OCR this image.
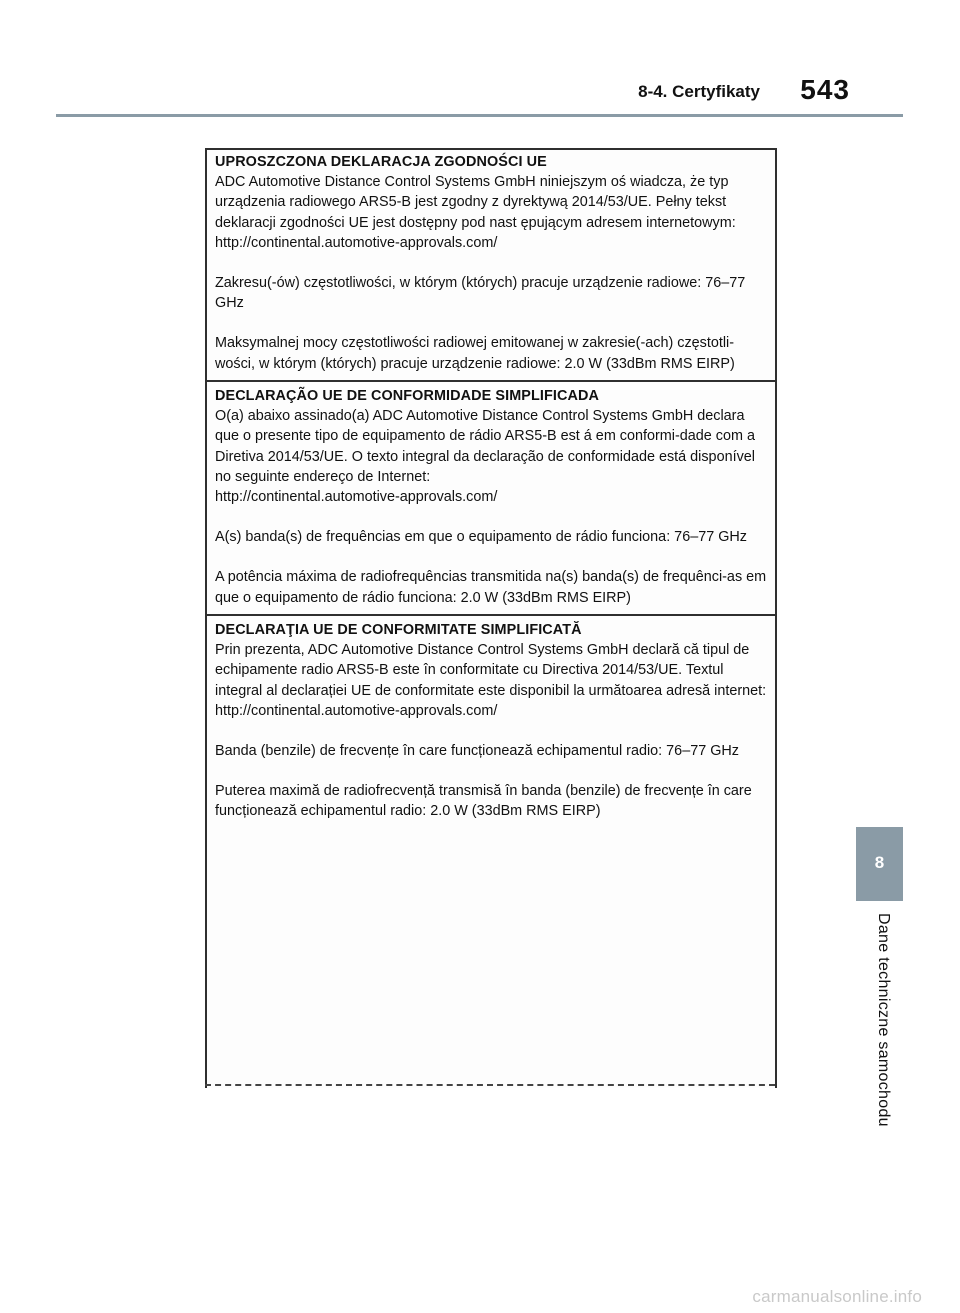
8-4. Certyfikaty 543
8
Dane techniczne samochodu

UPROSZCZONA DEKLARACJA ZGODNOŚCI UE

ADC Automotive Distance Control Systems GmbH niniejszym oś wiadcza, że typ urządzenia radiowego ARS5-B jest zgodny z dyrektywą 2014/53/UE. Pełny tekst deklaracji zgodności UE jest dostępny pod nast ępującym adresem internetowym:

http://continental.automotive-approvals.com/

Zakresu(-ów) częstotliwości, w którym (których) pracuje urządzenie radiowe: 76–77 GHz

Maksymalnej mocy częstotliwości radiowej emitowanej w zakresie(-ach) częstotli-wości, w którym (których) pracuje urządzenie radiowe: 2.0 W (33dBm RMS EIRP)

DECLARAÇÃO UE DE CONFORMIDADE SIMPLIFICADA

O(a) abaixo assinado(a) ADC Automotive Distance Control Systems GmbH declara que o presente tipo de equipamento de rádio ARS5-B est á em conformi-dade com a Diretiva 2014/53/UE. O texto integral da declaração de conformidade está disponível no seguinte endereço de Internet:

http://continental.automotive-approvals.com/

A(s) banda(s) de frequências em que o equipamento de rádio funciona: 76–77 GHz

A potência máxima de radiofrequências transmitida na(s) banda(s) de frequênci-as em que o equipamento de rádio funciona: 2.0 W (33dBm RMS EIRP)

DECLARAŢIA UE DE CONFORMITATE SIMPLIFICATĂ

Prin prezenta, ADC Automotive Distance Control Systems GmbH declară că tipul de echipamente radio ARS5-B este în conformitate cu Directiva 2014/53/UE. Textul integral al declarației UE de conformitate este disponibil la următoarea adresă internet:

http://continental.automotive-approvals.com/

Banda (benzile) de frecvențe în care funcționează echipamentul radio: 76–77 GHz

Puterea maximă de radiofrecvență transmisă în banda (benzile) de frecvențe în care funcționează echipamentul radio: 2.0 W (33dBm RMS EIRP)

carmanualsonline.info
